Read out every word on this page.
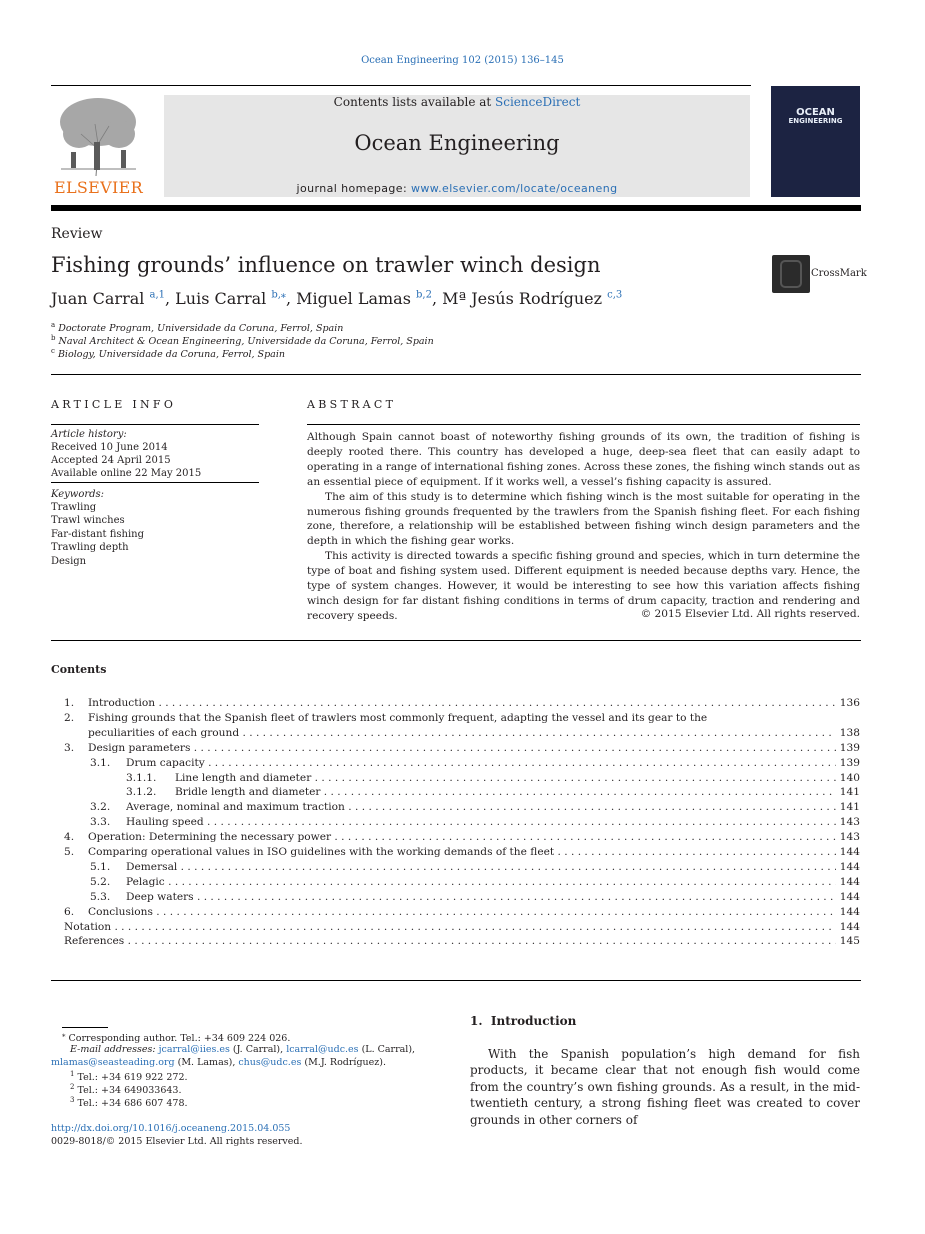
Ocean Engineering 102 (2015) 136–145
ELSEVIER
Contents lists available at ScienceDirect
Ocean Engineering
journal homepage: www.elsevier.com/locate/oceaneng
OCEAN
ENGINEERING
Review
Fishing grounds’ influence on trawler winch design	CrossMark
Juan Carral $^{a,1}$, Luis Carral $^{b,⁎}$, Miguel Lamas $^{b,2}$, Mª Jesús Rodríguez $^{c,3}$
$^a$ Doctorate Program, Universidade da Coruna, Ferrol, Spain
$^b$ Naval Architect & Ocean Engineering, Universidade da Coruna, Ferrol, Spain
$^c$ Biology, Universidade da Coruna, Ferrol, Spain
ARTICLE INFO
Article history:
Received 10 June 2014
Accepted 24 April 2015
Available online 22 May 2015
Keywords:
Trawling
Trawl winches
Far-distant fishing
Trawling depth
Design
ABSTRACT

Although Spain cannot boast of noteworthy fishing grounds of its own, the tradition of fishing is deeply rooted there. This country has developed a huge, deep-sea fleet that can easily adapt to operating in a range of international fishing zones. Across these zones, the fishing winch stands out as an essential piece of equipment. If it works well, a vessel’s fishing capacity is assured.

The aim of this study is to determine which fishing winch is the most suitable for operating in the numerous fishing grounds frequented by the trawlers from the Spanish fishing fleet. For each fishing zone, therefore, a relationship will be established between fishing winch design parameters and the depth in which the fishing gear works.

This activity is directed towards a specific fishing ground and species, which in turn determine the type of boat and fishing system used. Different equipment is needed because depths vary. Hence, the type of system changes. However, it would be interesting to see how this variation affects fishing winch design for far distant fishing conditions in terms of drum capacity, traction and rendering and recovery speeds.	© 2015 Elsevier Ltd. All rights reserved.
Contents
1. Introduction . . .	136
2. Fishing grounds that the Spanish fleet of trawlers most commonly frequent, adapting the vessel and its gear to the
peculiarities of each ground . . .	138
3. Design parameters . . .	139
3.1. Drum capacity . . .	139
3.1.1. Line length and diameter . . .	140
3.1.2. Bridle length and diameter . . .	141
3.2. Average, nominal and maximum traction . . .	141
3.3. Hauling speed . . .	143
4. Operation: Determining the necessary power . . .	143
5. Comparing operational values in ISO guidelines with the working demands of the fleet . . .	144
5.1. Demersal . . .	144
5.2. Pelagic . . .	144
5.3. Deep waters . . .	144
6. Conclusions . . .	144
Notation . . .	144
References . . .	145
⁎ Corresponding author. Tel.: +34 609 224 026.
E-mail addresses: jcarral@iies.es (J. Carral), lcarral@udc.es (L. Carral),
mlamas@seasteading.org (M. Lamas), chus@udc.es (M.J. Rodríguez).
$^1$ Tel.: +34 619 922 272.
$^2$ Tel.: +34 649033643.
$^3$ Tel.: +34 686 607 478.
http://dx.doi.org/10.1016/j.oceaneng.2015.04.055
0029-8018/© 2015 Elsevier Ltd. All rights reserved.
1. Introduction
With the Spanish population’s high demand for fish products, it became clear that not enough fish would come from the country’s own fishing grounds. As a result, in the mid- twentieth century, a strong fishing fleet was created to cover grounds in other corners of
